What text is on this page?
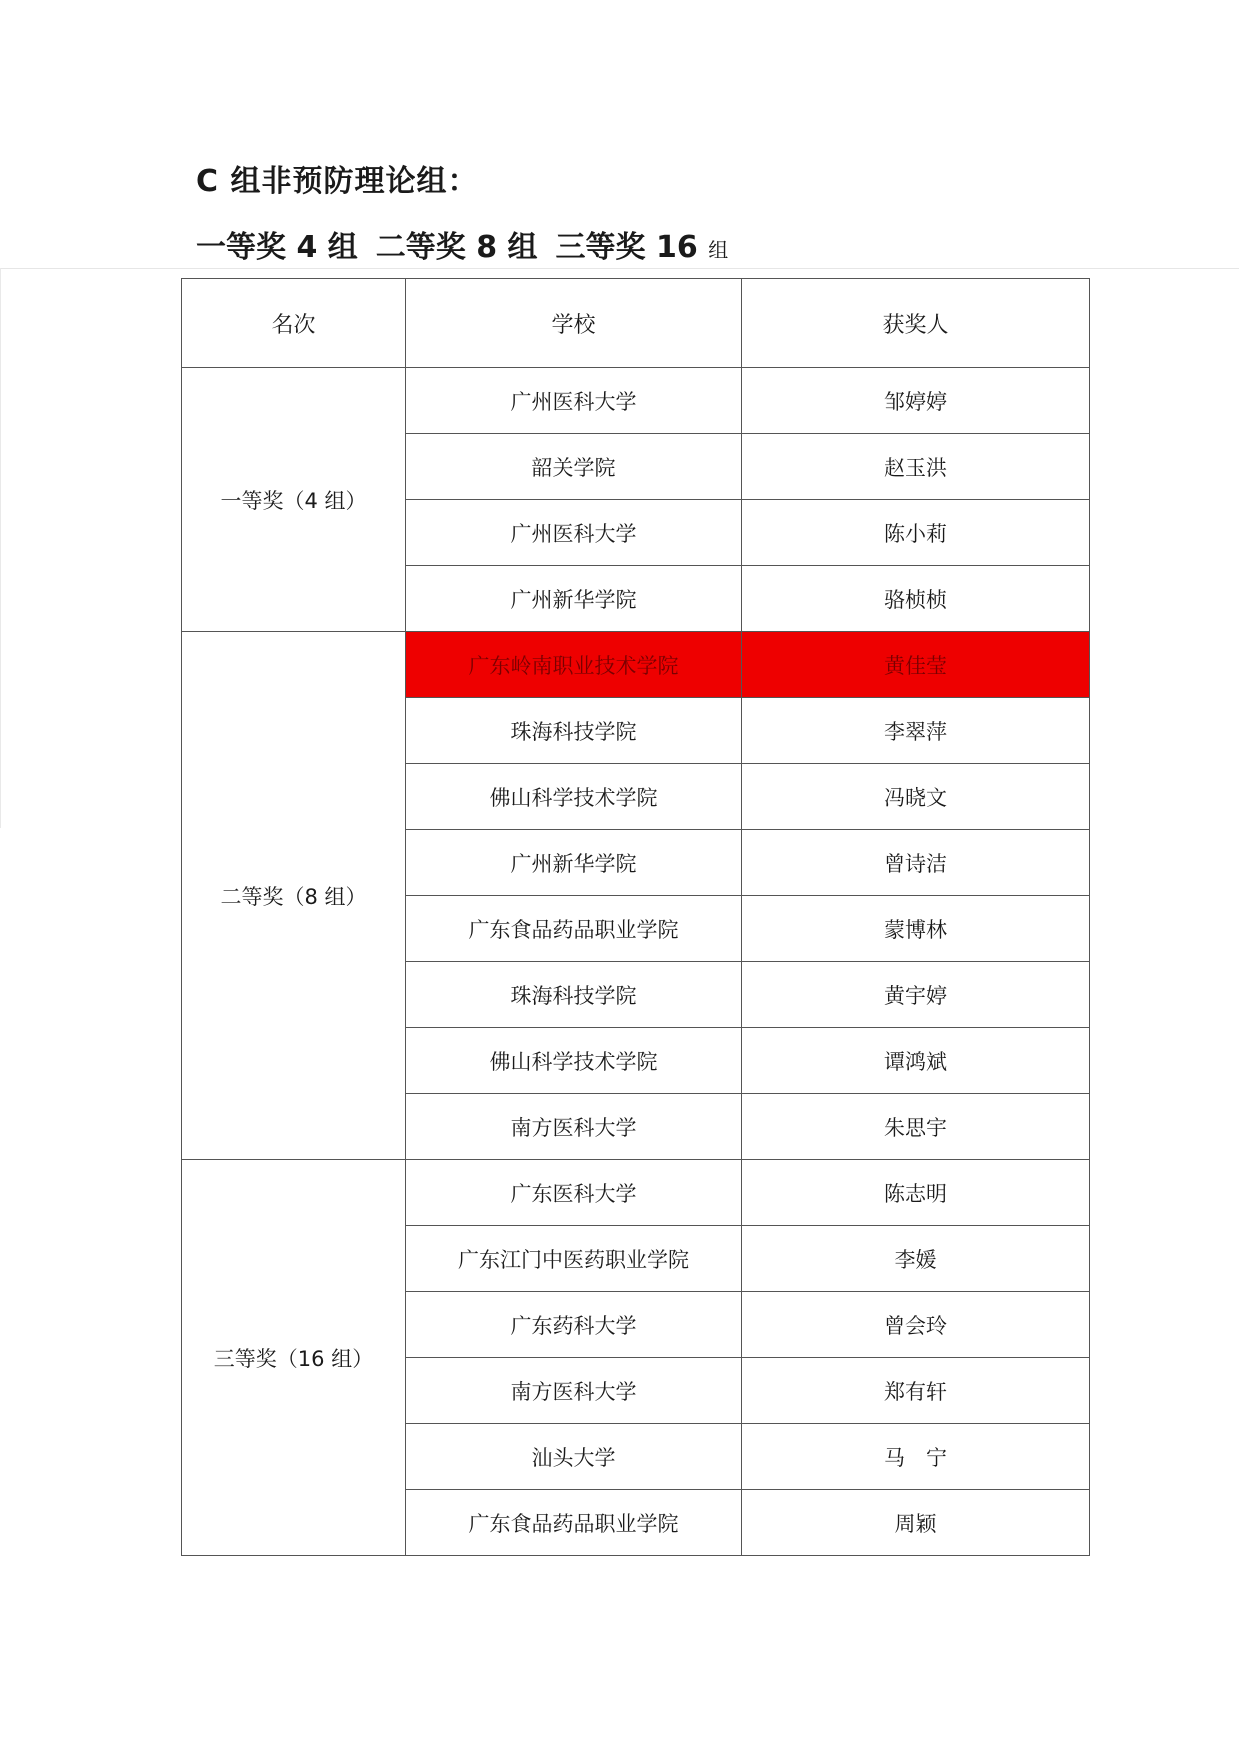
C 组非预防理论组：
一等奖 4 组 二等奖 8 组 三等奖 16 组
名次	学校	获奖人
一等奖（4 组）	广州医科大学	邹婷婷
	韶关学院	赵玉洪
	广州医科大学	陈小莉
	广州新华学院	骆桢桢
二等奖（8 组）	广东岭南职业技术学院	黄佳莹
	珠海科技学院	李翠萍
	佛山科学技术学院	冯晓文
	广州新华学院	曾诗洁
	广东食品药品职业学院	蒙博林
	珠海科技学院	黄宇婷
	佛山科学技术学院	谭鸿斌
	南方医科大学	朱思宇
三等奖（16 组）	广东医科大学	陈志明
	广东江门中医药职业学院	李媛
	广东药科大学	曾会玲
	南方医科大学	郑有轩
	汕头大学	马　宁
	广东食品药品职业学院	周颖
